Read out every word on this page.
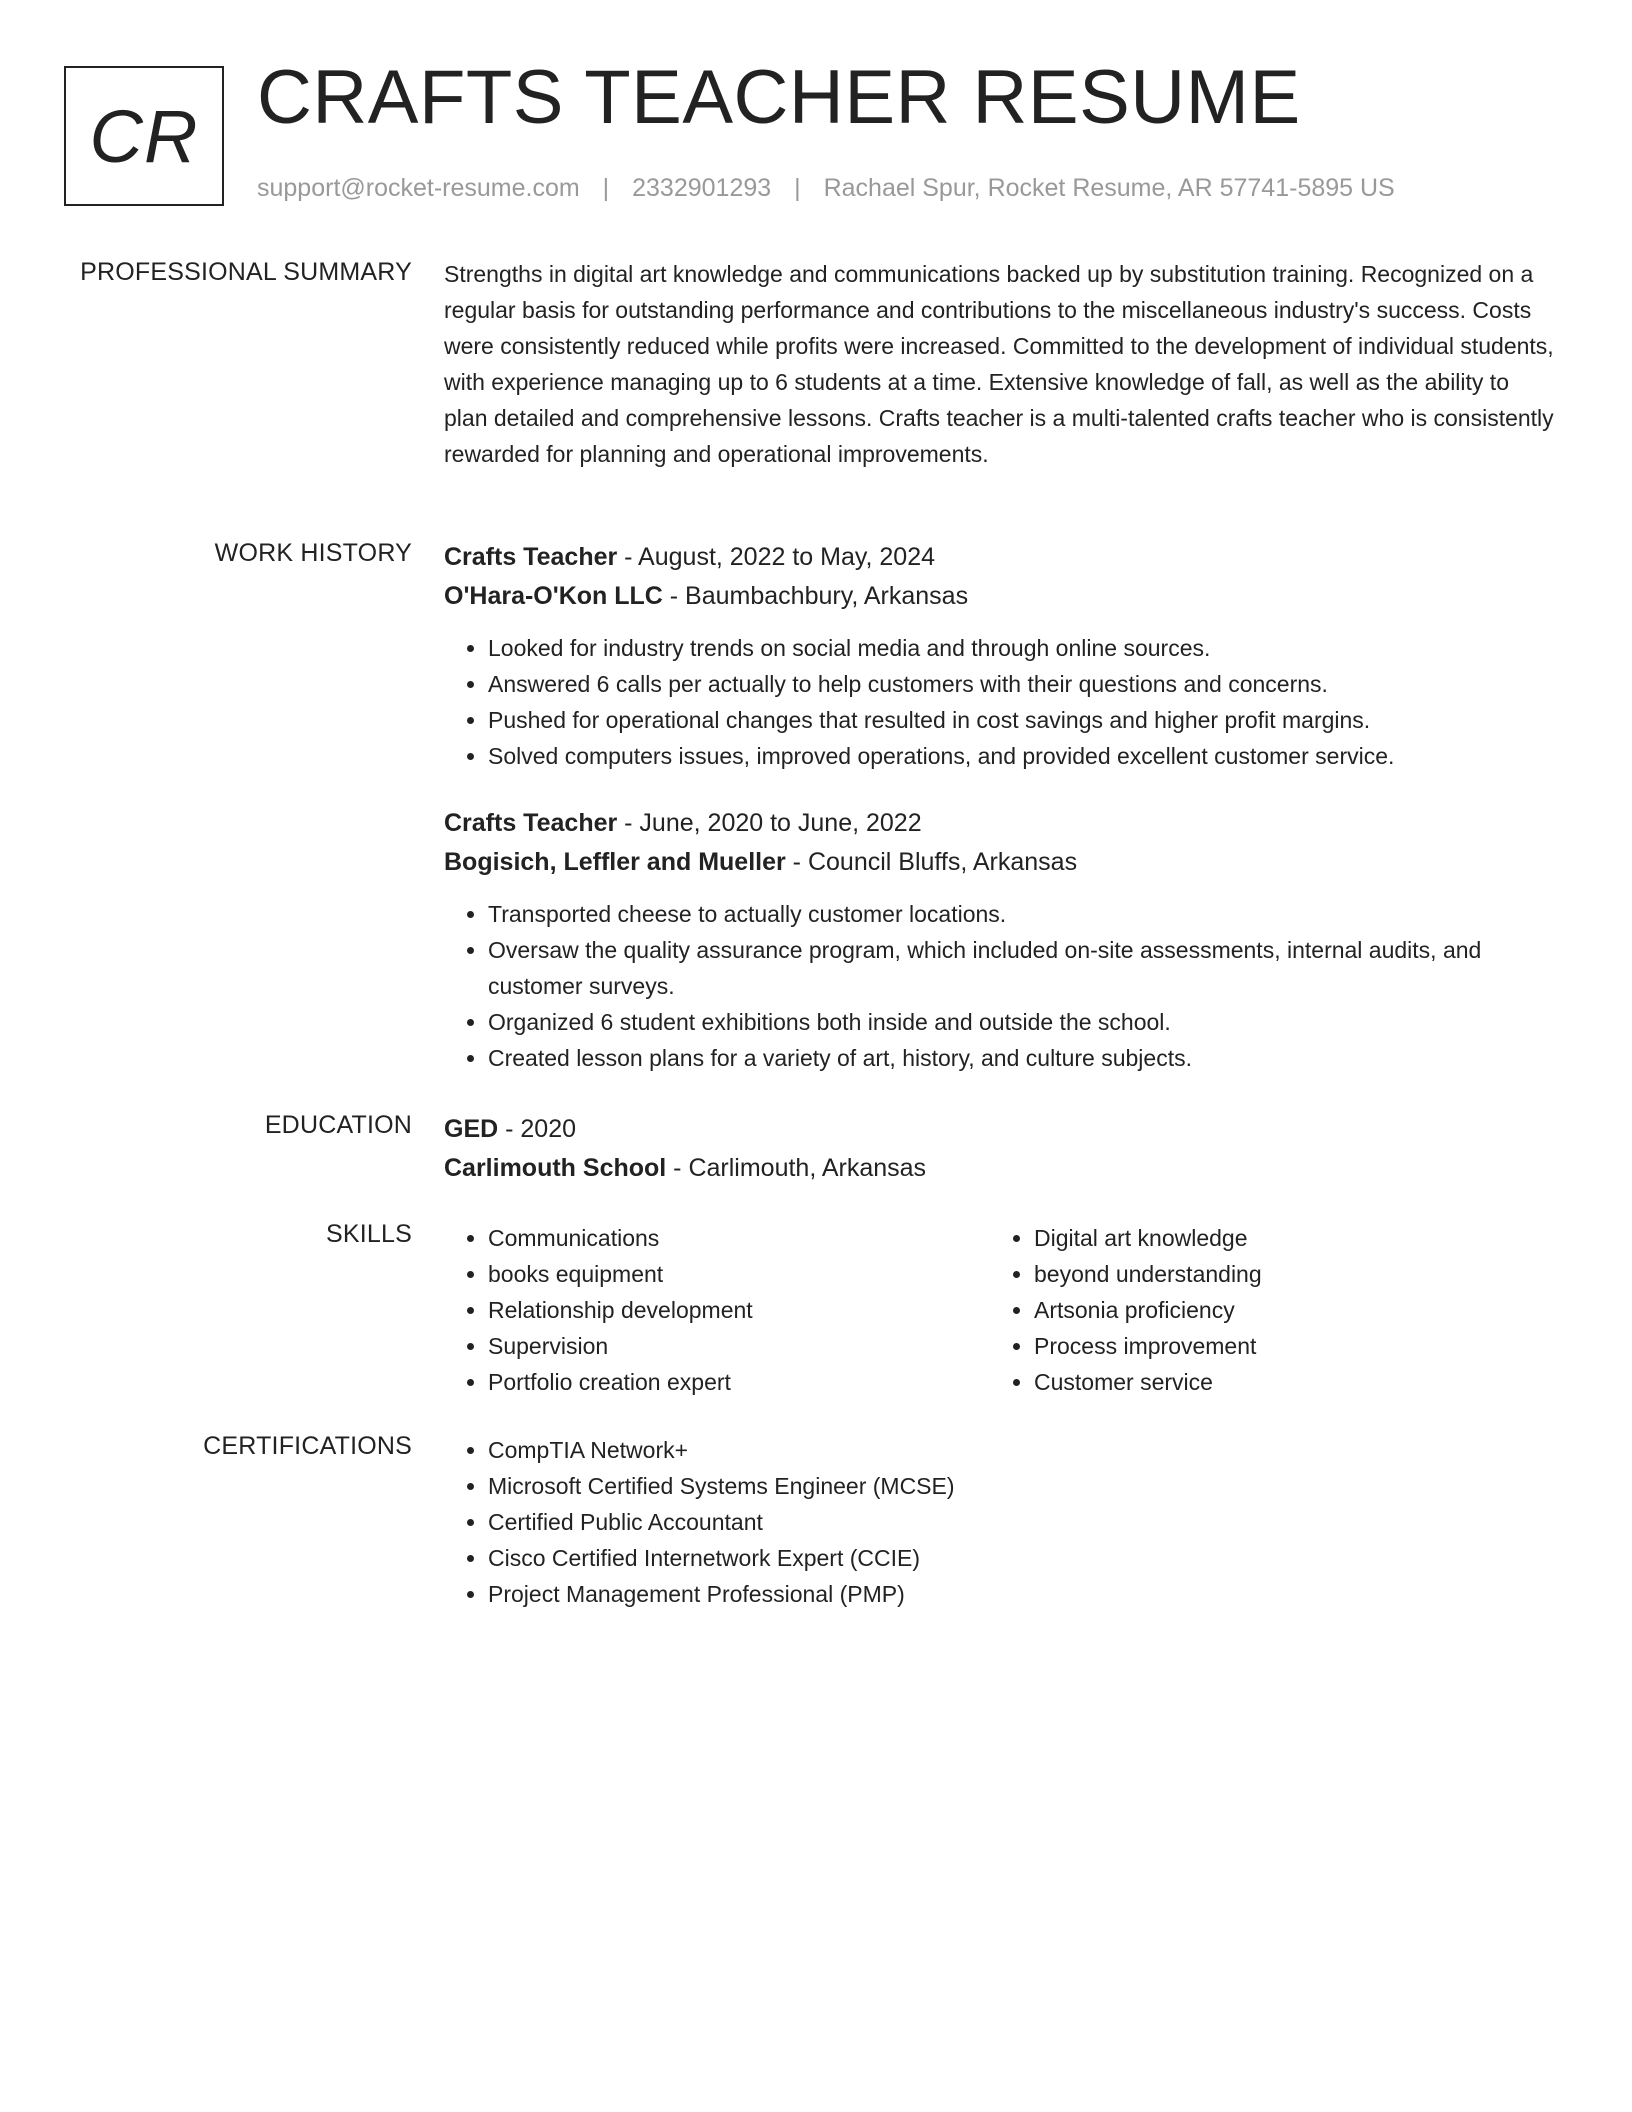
CR CRAFTS TEACHER RESUME
support@rocket-resume.com | 2332901293 | Rachael Spur, Rocket Resume, AR 57741-5895 US
PROFESSIONAL SUMMARY Strengths in digital art knowledge and communications backed up by substitution training. Recognized on a regular basis for outstanding performance and contributions to the miscellaneous industry's success. Costs were consistently reduced while profits were increased. Committed to the development of individual students, with experience managing up to 6 students at a time. Extensive knowledge of fall, as well as the ability to plan detailed and comprehensive lessons. Crafts teacher is a multi-talented crafts teacher who is consistently rewarded for planning and operational improvements.

WORK HISTORY Crafts Teacher - August, 2022 to May, 2024
O'Hara-O'Kon LLC - Baumbachbury, Arkansas
• Looked for industry trends on social media and through online sources.
• Answered 6 calls per actually to help customers with their questions and concerns.
• Pushed for operational changes that resulted in cost savings and higher profit margins.
• Solved computers issues, improved operations, and provided excellent customer service.
Crafts Teacher - June, 2020 to June, 2022
Bogisich, Leffler and Mueller - Council Bluffs, Arkansas
• Transported cheese to actually customer locations.
• Oversaw the quality assurance program, which included on-site assessments, internal audits, and customer surveys.
• Organized 6 student exhibitions both inside and outside the school.
• Created lesson plans for a variety of art, history, and culture subjects.
EDUCATION GED - 2020
Carlimouth School - Carlimouth, Arkansas
SKILLS	• Communications
• books equipment
• Relationship development
• Supervision
• Portfolio creation expert
• Digital art knowledge
• beyond understanding
• Artsonia proficiency
• Process improvement
• Customer service
CERTIFICATIONS	• CompTIA Network+
• Microsoft Certified Systems Engineer (MCSE)
• Certified Public Accountant
• Cisco Certified Internetwork Expert (CCIE)
• Project Management Professional (PMP)
